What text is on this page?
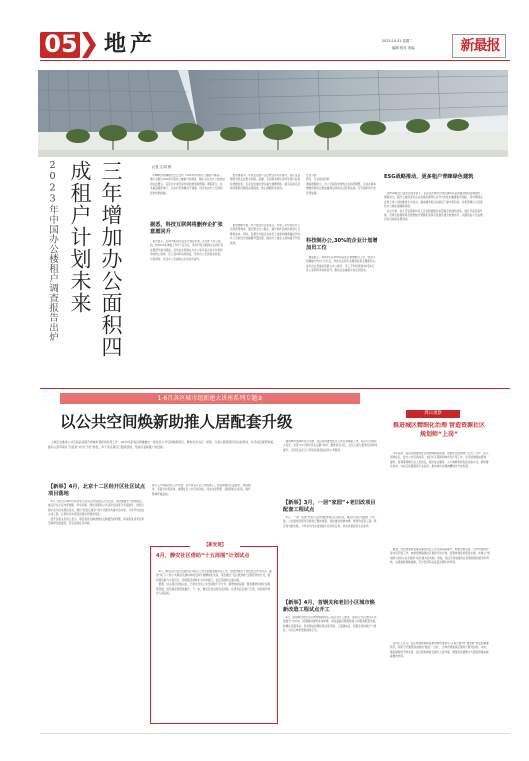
05 地产	2023.10.31 星期二
编辑 校对 美编	新最报
三年增加办公面积四成租户计划未来
2023年中国办公楼租户调查报告出炉	记者 文/刘 微
　CBRE世邦魏理仕近日发布《2023年中国办公楼租户调查》，通过对超过200家中国办公楼租户的调查，揭示企业对办公楼选址的关注要点，以及对未来空间布局的规划和预期。调查显示，在多重因素影响下，企业扩张策略趋于谨慎，但对优质办公空间的需求依然稳健。
据悉，科技互联网将删弃企扩张意愿回升
　报告显示，有42%的受访企业计划在未来三年内扩大办公面积，较2022年调查上升6个百分点，其中科技互联网企业的扩张意愿回升最为明显。受访企业普遍认为办公室仍是企业文化和协作的核心载体，员工到岗率持续恢复，带动办公空间需求改善。与此同时，灵活办公空间的占比也有所提升。
　此次调查中，中资企业租户占比较往年有所提升，其扩张意愿较外资企业更为积极。金融、专业服务和生命科学等行业保持稳健需求，企业在选址时更注重交通便利度、楼宇品质以及周边配套设施的完善程度，核心商圈仍是首选。
　租赁策略方面，约六成受访企业表示，未来三年将优化办公空间使用效率，通过整合办公网点、提升协作区域比例等方式降低成本。同时，有超过半数企业将员工体验和健康福祉列为办公空间设计的重要考量因素，推动办公楼业主加快楼宇升级改造。
行业分析
研究，行业相关机构
调查数据显示，办公空间需求结构正在持续调整，企业在降本增效的同时也更加重视空间的灵活性和品质，写字楼市场分化趋势加剧。
科技制办公,30%的企业计划增加员工位
　调查显示，2023年有30%的企业计划增加员工位，较去年同期提升约5个百分点，科技企业和专业服务业是主要驱动力。受访企业普遍采用混合办公模式，员工平均每周到岗3至4天，办公室利用率持续回升，推动企业重新评估空间需求。
ESG战略推动，更多租户青睐绿色建筑
　在ESG理念日益普及的背景下，企业在选址时对绿色建筑认证的重视程度显著提升。调查显示，超过七成的受访企业将绿色建筑认证作为选址的重要参考指标，其中跨国企业和上市公司的要求尤为突出。越来越多的企业制定了碳中和目标，并希望通过入驻绿色办公楼实现减排承诺。
　业主方面，各大开发商和持有人正在积极推动存量楼宇的绿色改造，通过节能设备升级、可再生能源利用及智慧楼宇管理系统等手段提升楼宇能效水平，以满足租户日益增长的可持续发展需求。
1-6月各区城市组新建大讲座系列专题③
以公共空间焕新助推人居配套升级
　上海正在推进公共空间品质提升和城市更新的系列工作，2023年起各区相继推出一批社区公共空间焕新项目，聚焦老旧小区、街巷、口袋公园等居民身边的场景，补齐社区配套短板，推动人居环境从“有没有”向“好不好”转变，多个试点项目已陆续落地，形成可复制推广的经验。
【新举】4月，北京十二区经开区社区试点项目落地
　4月，经开区2023年度老旧小区综合改造项目正式启动，项目覆盖多个街道社区，重点针对小区内部道路、停车设施、绿化景观和公共活动空间进行系统提升。改造过程中充分征求居民意见，通过“居民议事会”等方式推动共建共治共享，力争年内完成主体工程，让居民切实感受到居住环境的变化。
　经开区相关负责人表示，项目将优先解决群众反映强烈的问题，同步推进适老化和无障碍设施建设，打造宜居社区样板。
现已入户调查阶段工作完成，部分试点片区已进场施工。项目将围绕儿童游乐、休闲健身、邻里交往等需求，重塑社区公共空间功能，同步完善照明、座椅和标识系统，提升整体环境品质。
【新发现】
4月，静安社区借助“十五周围”计划试点
　4月，静安区在全区范围内启动社区公共空间微更新试点工作，首批选取多个居住社区作为试点，围绕“家门口”的公共服务设施和休闲空间开展精细化改造。项目通过“社区规划师”全程陪伴的方式，组织居民参与方案设计，将闲置空间转化为共享客厅、社区花园和儿童乐园。
　据悉，试点项目实施以来，已累计改造公共空间数千平方米，新增休闲座椅、健身器材和绿化景观等设施，居民满意度明显提升。下一步，静安区将总结试点经验，在更多社区推广应用，持续提升城市人居品质。
　围绕城市更新和民生需求，各区持续推进社区公共空间焕新工作，以小切口推动大民生，完善“15分钟社区生活圈”布局，推进老旧小区、社区公园与街道空间协同提升，让居民在家门口享受到更高品质的公共服务。
【新举】3月，一居“家园”+老旧改项目配套工程试点
　3月，“一居一家园”老旧小区改造配套项目启动试点，重点针对住宅楼道、外立面、公共绿地及停车设施进行整体更新，同步推进加装电梯、管网改造等工程。项目将分批实施，力争在年内完成首批小区改造任务，切实改善居民生活条件。
【新举】4月，首钢关和老旧小区城市焕新改造工程试点开工
　4月，首钢周边老旧小区城市焕新改造工程正式开工建设。项目以“综合整治+功能提升”为方向，统筹推进建筑本体修缮、市政基础设施更新和公共服务配套完善，新增社区服务站、养老驿站和便民商业等设施。工程建成后，将惠及周边数千户居民，为片区城市更新提供示范。
周日观察
推进城区精细化治理 营造资源社区规划师“上岗”
　今年以来，各区积极推进社区规划师制度落地，首批社区规划师已正式“上岗”，深入街道社区，参与公共空间改造、老旧小区更新和城市设计等工作。社区规划师由规划、建筑、景观等领域专业人员担任，通过驻点服务、入户调研和居民座谈等方式，倾听群众诉求，为社区发展提供专业指导，推动城市治理向精细化方向发展。
　据悉，社区规划师将重点围绕社区公共空间品质提升、配套设施完善、历史风貌保护等内容开展工作，协助街道编制社区更新行动计划，统筹协调各类项目实施，并建立“规划师+居民+社会组织”的共建共治机制。同时，各区还将加强对社区规划师的培训和考核，完善激励保障措施，充分发挥其在基层治理中的作用。
　业内人士认为，社区规划师制度是推动城市更新从“大拆大建”向“微更新”转变的重要抓手，有助于打通规划实施的“最后一公里”，让城市规划真正服务于群众需求。未来，随着制度的不断完善，社区规划师将在提升人居环境、增强社区凝聚力方面发挥越来越重要的作用。
